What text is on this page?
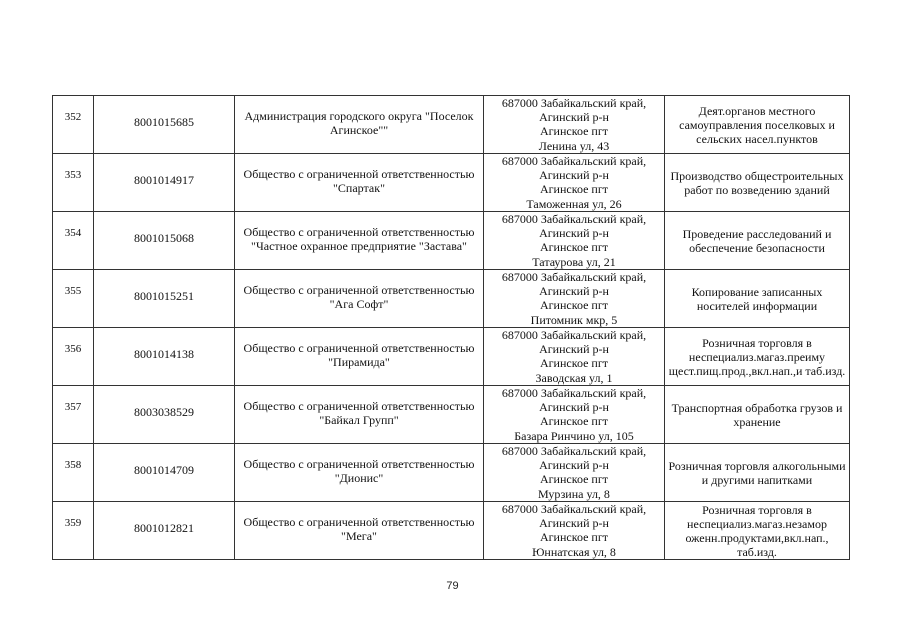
352	8001015685	Администрация городского округа "Поселок Агинское""	687000 Забайкальский край,
Агинский р-н
Агинское пгт
Ленина ул, 43	Деят.органов местного самоуправления поселковых и сельских насел.пунктов

353	8001014917	Общество с ограниченной ответственностью "Спартак"	687000 Забайкальский край,
Агинский р-н
Агинское пгт
Таможенная ул, 26	Производство общестроительных работ по возведению зданий

354	8001015068	Общество с ограниченной ответственностью "Частное охранное предприятие "Застава"	687000 Забайкальский край,
Агинский р-н
Агинское пгт
Татаурова ул, 21	Проведение расследований и обеспечение безопасности

355	8001015251	Общество с ограниченной ответственностью "Ага Софт"	687000 Забайкальский край,
Агинский р-н
Агинское пгт
Питомник мкр, 5	Копирование записанных носителей информации

356	8001014138	Общество с ограниченной ответственностью "Пирамида"	687000 Забайкальский край,
Агинский р-н
Агинское пгт
Заводская ул, 1	Розничная торговля в неспециализ.магаз.преиму щест.пищ.прод.,вкл.нап.,и таб.изд.

357	8003038529	Общество с ограниченной ответственностью "Байкал Групп"	687000 Забайкальский край,
Агинский р-н
Агинское пгт
Базара Ринчино ул, 105	Транспортная обработка грузов и хранение

358	8001014709	Общество с ограниченной ответственностью "Дионис"	687000 Забайкальский край,
Агинский р-н
Агинское пгт
Мурзина ул, 8	Розничная торговля алкогольными и другими напитками

359	8001012821	Общество с ограниченной ответственностью "Мега"	687000 Забайкальский край,
Агинский р-н
Агинское пгт
Юннатская ул, 8	Розничная торговля в неспециализ.магаз.незамор оженн.продуктами,вкл.нап., таб.изд.
79
